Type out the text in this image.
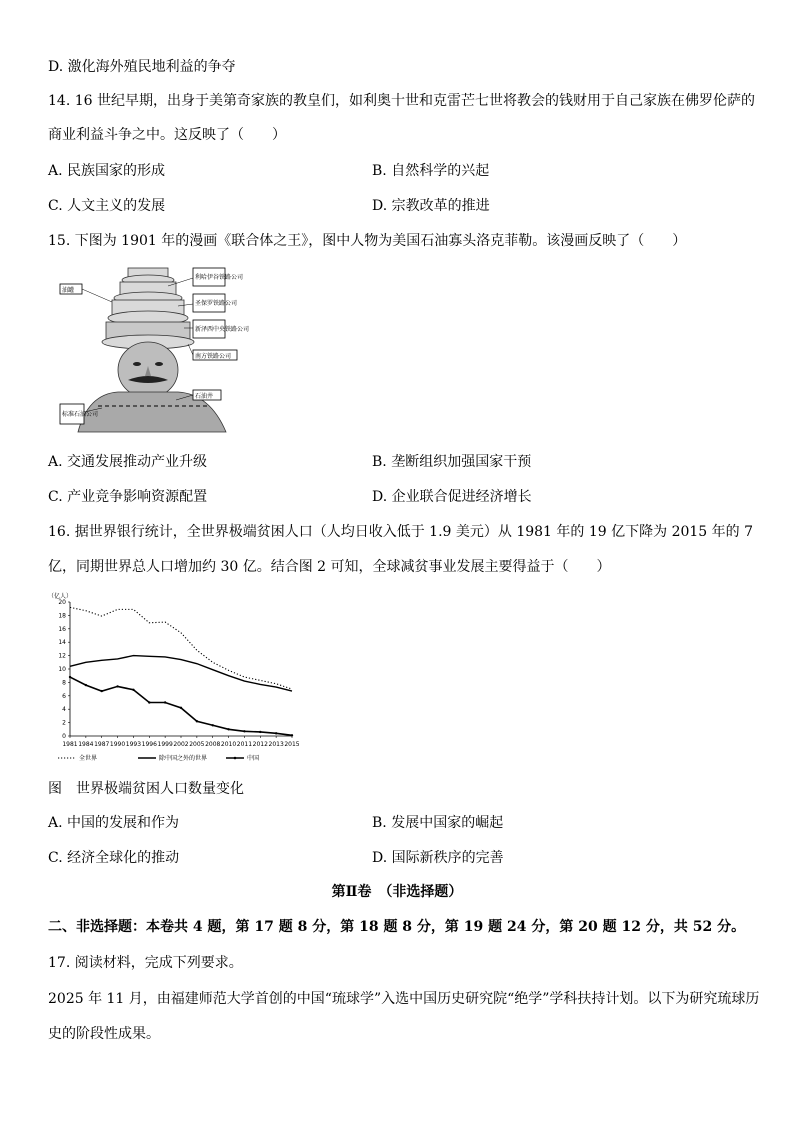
D. 激化海外殖民地利益的争夺
14. 16 世纪早期，出身于美第奇家族的教皇们，如利奥十世和克雷芒七世将教会的钱财用于自己家族在佛罗伦萨的
商业利益斗争之中。这反映了（　　）
A. 民族国家的形成	B. 自然科学的兴起
C. 人文主义的发展	D. 宗教改革的推进
15. 下图为 1901 年的漫画《联合体之王》，图中人物为美国石油寡头洛克菲勒。该漫画反映了（　　）
油罐
利哈伊谷铁路公司
圣保罗铁路公司
新泽西中央铁路公司
南方铁路公司
石油井
标准石油公司
A. 交通发展推动产业升级	B. 垄断组织加强国家干预
C. 产业竞争影响资源配置	D. 企业联合促进经济增长
16. 据世界银行统计，全世界极端贫困人口（人均日收入低于 1.9 美元）从 1981 年的 19 亿下降为 2015 年的 7
亿，同期世界总人口增加约 30 亿。结合图 2 可知，全球减贫事业发展主要得益于（　　）
（亿人）
0
2
4
6
8
10
12
14
16
18
20
1981 1984 1987 1990 1993 1996 1999 2002 2005 2008 2010 2011 2012 2013 2015
全世界	除中国之外的世界	中国
图　世界极端贫困人口数量变化
A. 中国的发展和作为	B. 发展中国家的崛起
C. 经济全球化的推动	D. 国际新秩序的完善
第Ⅱ卷　（非选择题）
二、非选择题：本卷共 4 题，第 17 题 8 分，第 18 题 8 分，第 19 题 24 分，第 20 题 12 分，共 52 分。
17. 阅读材料，完成下列要求。
2025 年 11 月，由福建师范大学首创的中国“琉球学”入选中国历史研究院“绝学”学科扶持计划。以下为研究琉球历
史的阶段性成果。
